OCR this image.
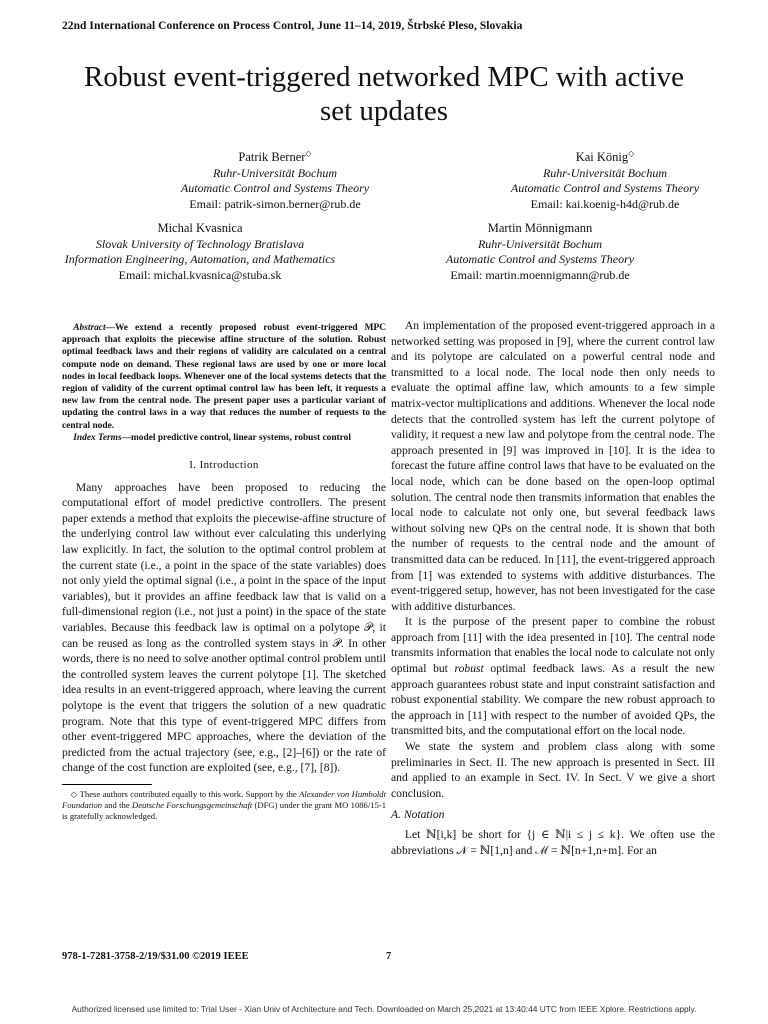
22nd International Conference on Process Control, June 11–14, 2019, Štrbské Pleso, Slovakia
Robust event-triggered networked MPC with active
set updates
Patrik Berner◇
Ruhr-Universität Bochum
Automatic Control and Systems Theory
Email: patrik-simon.berner@rub.de
Kai König◇
Ruhr-Universität Bochum
Automatic Control and Systems Theory
Email: kai.koenig-h4d@rub.de
Michal Kvasnica
Slovak University of Technology Bratislava
Information Engineering, Automation, and Mathematics
Email: michal.kvasnica@stuba.sk
Martin Mönnigmann
Ruhr-Universität Bochum
Automatic Control and Systems Theory
Email: martin.moennigmann@rub.de

Abstract—We extend a recently proposed robust event-triggered MPC approach that exploits the piecewise affine structure of the solution. Robust optimal feedback laws and their regions of validity are calculated on a central compute node on demand. These regional laws are used by one or more local nodes in local feedback loops. Whenever one of the local systems detects that the region of validity of the current optimal control law has been left, it requests a new law from the central node. The present paper uses a particular variant of updating the control laws in a way that reduces the number of requests to the central node.

Index Terms—model predictive control, linear systems, robust control

I. Introduction

Many approaches have been proposed to reducing the computational effort of model predictive controllers. The present paper extends a method that exploits the piecewise-affine structure of the underlying control law without ever calculating this underlying law explicitly. In fact, the solution to the optimal control problem at the current state (i.e., a point in the space of the state variables) does not only yield the optimal signal (i.e., a point in the space of the input variables), but it provides an affine feedback law that is valid on a full-dimensional region (i.e., not just a point) in the space of the state variables. Because this feedback law is optimal on a polytope 𝒫, it can be reused as long as the controlled system stays in 𝒫. In other words, there is no need to solve another optimal control problem until the controlled system leaves the current polytope [1]. The sketched idea results in an event-triggered approach, where leaving the current polytope is the event that triggers the solution of a new quadratic program. Note that this type of event-triggered MPC differs from other event-triggered MPC approaches, where the deviation of the predicted from the actual trajectory (see, e.g., [2]–[6]) or the rate of change of the cost function are exploited (see, e.g., [7], [8]).

◇ These authors contributed equally to this work. Support by the Alexander von Humboldt Foundation and the Deutsche Forschungsgemeinschaft (DFG) under the grant MO 1086/15-1 is gratefully acknowledged.

An implementation of the proposed event-triggered approach in a networked setting was proposed in [9], where the current control law and its polytope are calculated on a powerful central node and transmitted to a local node. The local node then only needs to evaluate the optimal affine law, which amounts to a few simple matrix-vector multiplications and additions. Whenever the local node detects that the controlled system has left the current polytope of validity, it request a new law and polytope from the central node. The approach presented in [9] was improved in [10]. It is the idea to forecast the future affine control laws that have to be evaluated on the local node, which can be done based on the open-loop optimal solution. The central node then transmits information that enables the local node to calculate not only one, but several feedback laws without solving new QPs on the central node. It is shown that both the number of requests to the central node and the amount of transmitted data can be reduced. In [11], the event-triggered approach from [1] was extended to systems with additive disturbances. The event-triggered setup, however, has not been investigated for the case with additive disturbances.

It is the purpose of the present paper to combine the robust approach from [11] with the idea presented in [10]. The central node transmits information that enables the local node to calculate not only optimal but robust optimal feedback laws. As a result the new approach guarantees robust state and input constraint satisfaction and robust exponential stability. We compare the new robust approach to the approach in [11] with respect to the number of avoided QPs, the transmitted bits, and the computational effort on the local node.

We state the system and problem class along with some preliminaries in Sect. II. The new approach is presented in Sect. III and applied to an example in Sect. IV. In Sect. V we give a short conclusion.

A. Notation

Let ℕ[i,k] be short for {j ∈ ℕ|i ≤ j ≤ k}. We often use the abbreviations 𝒩 = ℕ[1,n] and ℳ = ℕ[n+1,n+m]. For an

978-1-7281-3758-2/19/$31.00 ©2019 IEEE	7
Authorized licensed use limited to: Trial User - Xian Univ of Architecture and Tech. Downloaded on March 25,2021 at 13:40:44 UTC from IEEE Xplore. Restrictions apply.
